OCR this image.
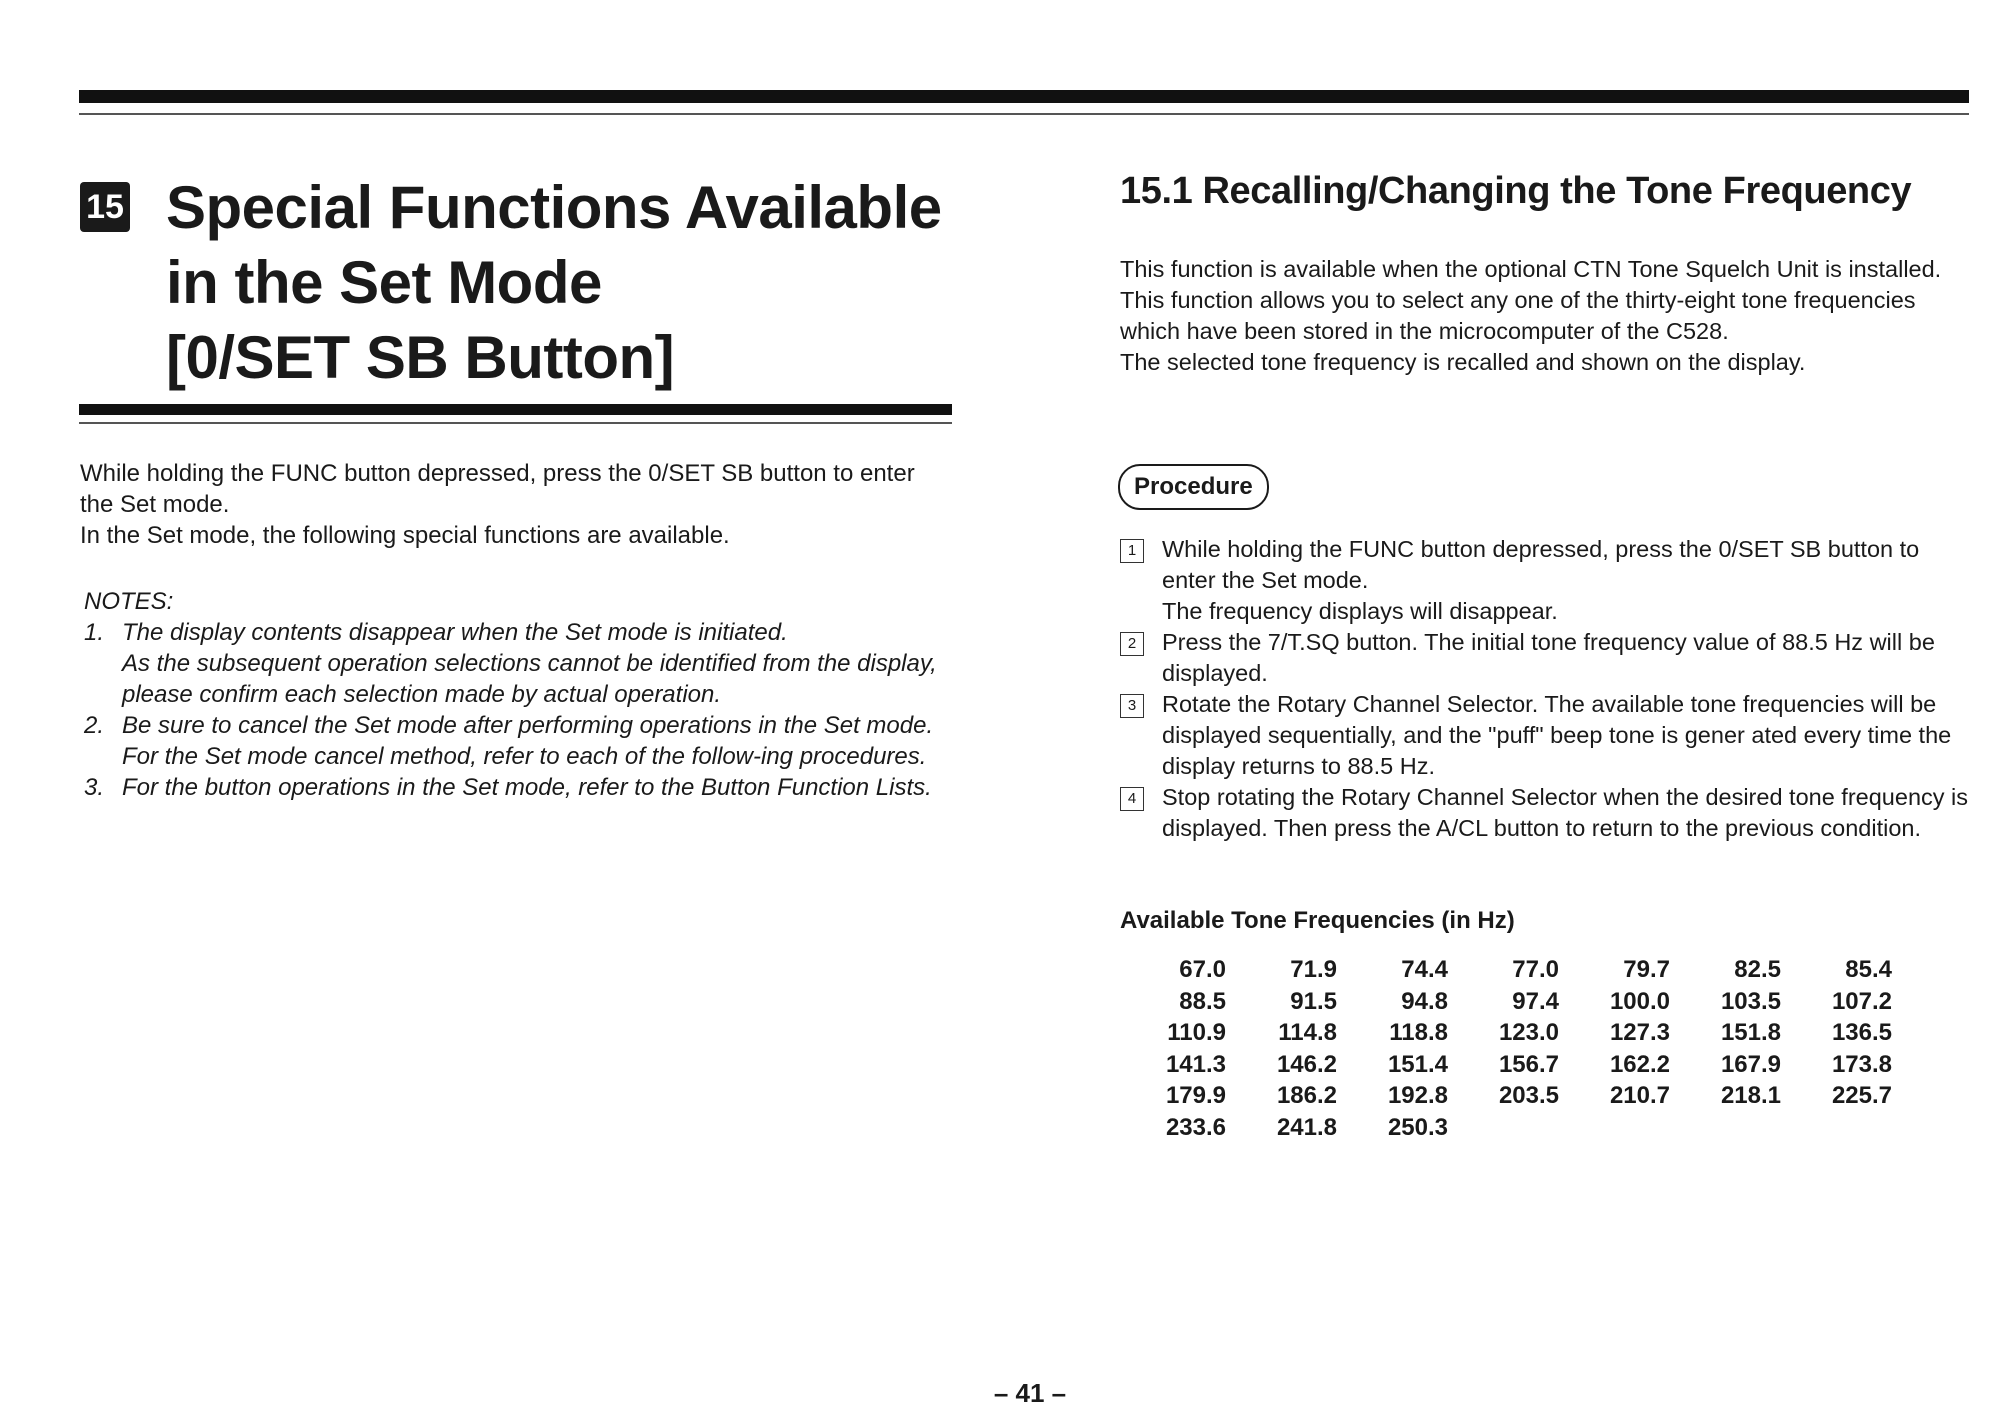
15 Special Functions Available
in the Set Mode
[0/SET SB Button]

While holding the FUNC button depressed, press the 0/SET SB button to enter the Set mode.

In the Set mode, the following special functions are available.

NOTES:

1. The display contents disappear when the Set mode is initiated.

As the subsequent operation selections cannot be identified from the display, please confirm each selection made by actual operation.

2. Be sure to cancel the Set mode after performing operations in the Set mode.

For the Set mode cancel method, refer to each of the follow-ing procedures.

3. For the button operations in the Set mode, refer to the Button Function Lists.

15.1 Recalling/Changing the Tone Frequency

This function is available when the optional CTN Tone Squelch Unit is installed.

This function allows you to select any one of the thirty-eight tone frequencies which have been stored in the microcomputer of the C528.

The selected tone frequency is recalled and shown on the display.

Procedure
1	While holding the FUNC button depressed, press the 0/SET SB button to enter the Set mode.

The frequency displays will disappear.

2	Press the 7/T.SQ button. The initial tone frequency value of 88.5 Hz will be displayed.

3	Rotate the Rotary Channel Selector. The available tone frequencies will be displayed sequentially, and the "puff" beep tone is gener ated every time the display returns to 88.5 Hz.

4	Stop rotating the Rotary Channel Selector when the desired tone frequency is displayed. Then press the A/CL button to return to the previous condition.

Available Tone Frequencies (in Hz)
67.0	71.9	74.4	77.0	79.7	82.5	85.4
88.5	91.5	94.8	97.4	100.0	103.5	107.2
110.9	114.8	118.8	123.0	127.3	151.8	136.5
141.3	146.2	151.4	156.7	162.2	167.9	173.8
179.9	186.2	192.8	203.5	210.7	218.1	225.7
233.6	241.8	250.3
– 41 –
